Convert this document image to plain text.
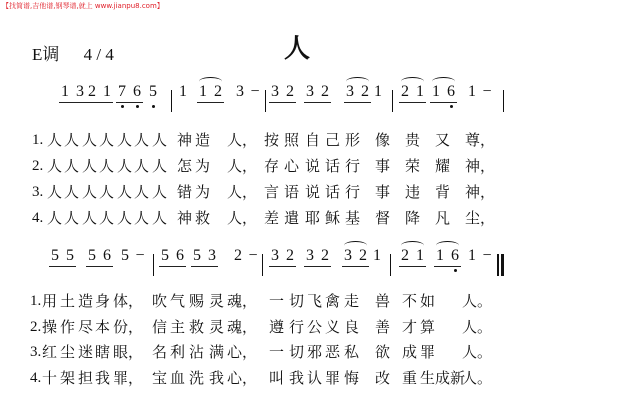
【找简谱,吉他谱,钢琴谱,就上 www.jianpu8.com】
E调 4 / 4	人
1 3 2 1 7 6 5 1 1 2 3 − 3 2 3 2 3 2 1 2 1 1 6 1 −
1. 人 人 人 人 人 人 人 神 造 人， 按 照 自 己 形 像 贵 又 尊，
2. 人 人 人 人 人 人 人 怎 为 人， 存 心 说 话 行 事 荣 耀 神，
3. 人 人 人 人 人 人 人 错 为 人， 言 语 说 话 行 事 违 背 神，
4. 人 人 人 人 人 人 人 神 救 人， 差 遣 耶 稣 基 督 降 凡 尘，
5 5 5 6 5 − 5 6 5 3 2 − 3 2 3 2 3 2 1 2 1 1 6 1 −
1. 用 土 造 身 体， 吹 气 赐 灵 魂， 一 切 飞 禽 走 兽 不 如 人。
2. 操 作 尽 本 份， 信 主 救 灵 魂， 遵 行 公 义 良 善 才 算 人。
3. 红 尘 迷 瞎 眼， 名 利 沾 满 心， 一 切 邪 恶 私 欲 成 罪 人。
4. 十 架 担 我 罪， 宝 血 洗 我 心， 叫 我 认 罪 悔 改 重 生成新
人。
